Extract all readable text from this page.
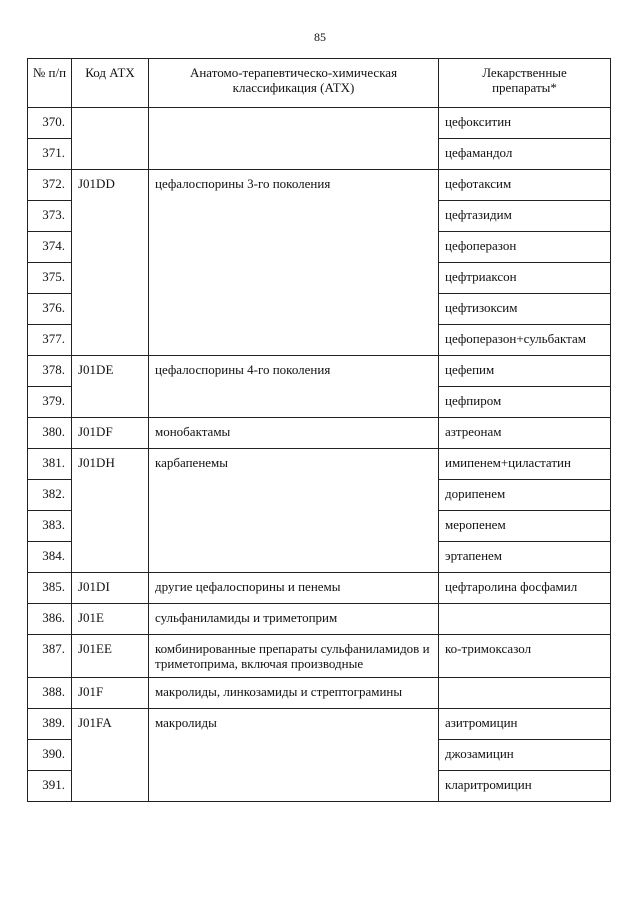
85
№ п/п	Код АТХ	Анатомо-терапевтическо-химическая классификация (АТХ)	Лекарственные препараты*
370.			цефокситин
371.			цефамандол
372.	J01DD	цефалоспорины 3-го поколения	цефотаксим
373.			цефтазидим
374.			цефоперазон
375.			цефтриаксон
376.			цефтизоксим
377.			цефоперазон+сульбактам
378.	J01DE	цефалоспорины 4-го поколения	цефепим
379.			цефпиром
380.	J01DF	монобактамы	азтреонам
381.	J01DH	карбапенемы	имипенем+циластатин
382.			дорипенем
383.			меропенем
384.			эртапенем
385.	J01DI	другие цефалоспорины и пенемы	цефтаролина фосфамил
386.	J01E	сульфаниламиды и триметоприм	
387.	J01EE	комбинированные препараты сульфаниламидов и триметоприма, включая производные	ко-тримоксазол
388.	J01F	макролиды, линкозамиды и стрептограмины	
389.	J01FA	макролиды	азитромицин
390.			джозамицин
391.			кларитромицин
